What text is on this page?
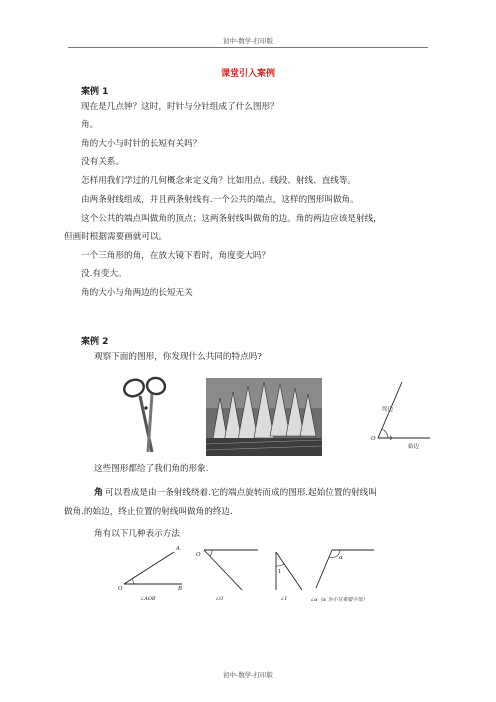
初中-数学-打印版
课堂引入案例
案例 1
现在是几点钟？这时，时针与分针组成了什么图形？
角。
角的大小与时针的长短有关吗？
没有关系。
怎样用我们学过的几何概念来定义角？比如用点、线段、射线、直线等。
由两条射线组成，并且两条射线有.一个公共的端点，这样的图形叫做角。
这个公共的端点叫做角的顶点；这两条射线叫做角的边。角的两边应该是射线，
但画时根据需要画就可以。
一个三角形的角，在放大镜下看时，角度变大吗？
没.有变大。
角的大小与角两边的长短无关
案例 2
观察下面的图形，你发现什么共同的特点吗?
终边
始边
O
这些图形都给了我们角的形象.
角 可以看成是由一条射线绕着.它的端点旋转而成的图形.起始位置的射线叫
做角.的始边，终止位置的射线叫做角的终边.
角有以下几种表示方法
A
O	B
∠AOB
O
∠O
1
∠1
α
∠α（α 为小写希腊字母）
初中-数学-打印版
